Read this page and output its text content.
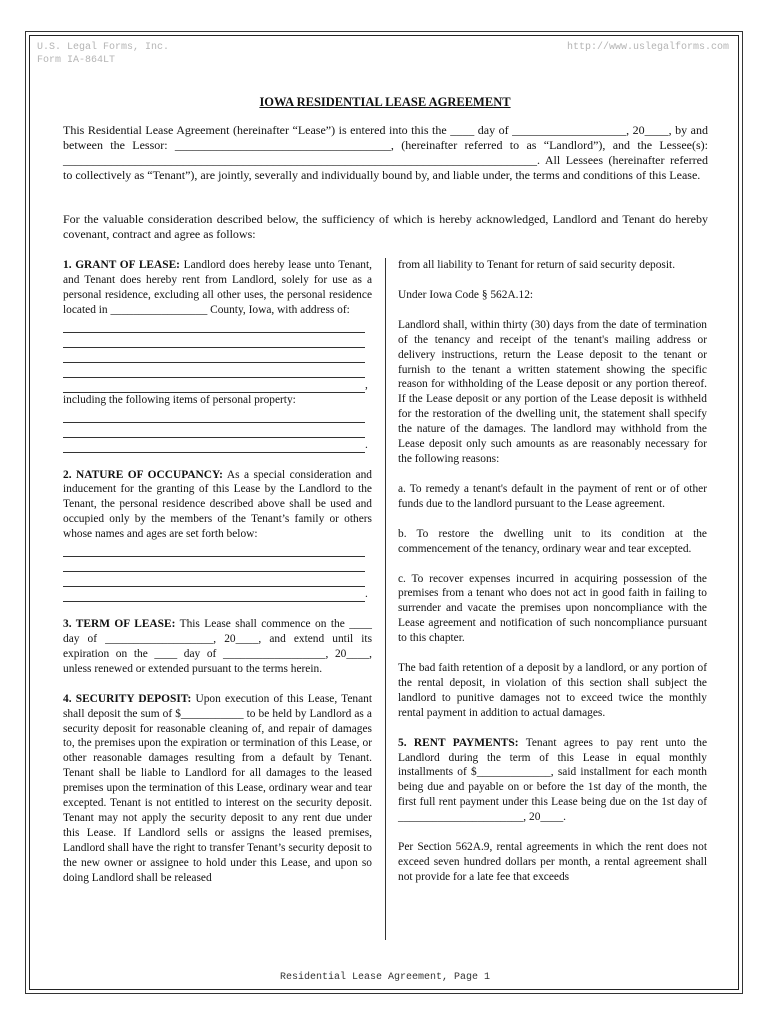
U.S. Legal Forms, Inc.
Form IA-864LT
http://www.uslegalforms.com
IOWA RESIDENTIAL LEASE AGREEMENT

This Residential Lease Agreement (hereinafter “Lease”) is entered into this the ____ day of ___________________, 20____, by and between the Lessor: ____________________________________, (hereinafter referred to as “Landlord”), and the Lessee(s): _______________________________________________________________________________. All Lessees (hereinafter referred to collectively as “Tenant”), are jointly, severally and individually bound by, and liable under, the terms and conditions of this Lease.

For the valuable consideration described below, the sufficiency of which is hereby acknowledged, Landlord and Tenant do hereby covenant, contract and agree as follows:

1. GRANT OF LEASE: Landlord does hereby lease unto Tenant, and Tenant does hereby rent from Landlord, solely for use as a personal residence, excluding all other uses, the personal residence located in _________________ County, Iowa, with address of:

,

including the following items of personal property:

.

2. NATURE OF OCCUPANCY: As a special consideration and inducement for the granting of this Lease by the Landlord to the Tenant, the personal residence described above shall be used and occupied only by the members of the Tenant’s family or others whose names and ages are set forth below:

.

3. TERM OF LEASE: This Lease shall commence on the ____ day of ___________________, 20____, and extend until its expiration on the ____ day of __________________, 20____, unless renewed or extended pursuant to the terms herein.

4. SECURITY DEPOSIT: Upon execution of this Lease, Tenant shall deposit the sum of $___________ to be held by Landlord as a security deposit for reasonable cleaning of, and repair of damages to, the premises upon the expiration or termination of this Lease, or other reasonable damages resulting from a default by Tenant. Tenant shall be liable to Landlord for all damages to the leased premises upon the termination of this Lease, ordinary wear and tear excepted. Tenant is not entitled to interest on the security deposit. Tenant may not apply the security deposit to any rent due under this Lease. If Landlord sells or assigns the leased premises, Landlord shall have the right to transfer Tenant’s security deposit to the new owner or assignee to hold under this Lease, and upon so doing Landlord shall be released

from all liability to Tenant for return of said security deposit.

Under Iowa Code § 562A.12:

Landlord shall, within thirty (30) days from the date of termination of the tenancy and receipt of the tenant's mailing address or delivery instructions, return the Lease deposit to the tenant or furnish to the tenant a written statement showing the specific reason for withholding of the Lease deposit or any portion thereof. If the Lease deposit or any portion of the Lease deposit is withheld for the restoration of the dwelling unit, the statement shall specify the nature of the damages. The landlord may withhold from the Lease deposit only such amounts as are reasonably necessary for the following reasons:

a. To remedy a tenant's default in the payment of rent or of other funds due to the landlord pursuant to the Lease agreement.

b. To restore the dwelling unit to its condition at the commencement of the tenancy, ordinary wear and tear excepted.

c. To recover expenses incurred in acquiring possession of the premises from a tenant who does not act in good faith in failing to surrender and vacate the premises upon noncompliance with the Lease agreement and notification of such noncompliance pursuant to this chapter.

The bad faith retention of a deposit by a landlord, or any portion of the rental deposit, in violation of this section shall subject the landlord to punitive damages not to exceed twice the monthly rental payment in addition to actual damages.

5. RENT PAYMENTS: Tenant agrees to pay rent unto the Landlord during the term of this Lease in equal monthly installments of $_____________, said installment for each month being due and payable on or before the 1st day of the month, the first full rent payment under this Lease being due on the 1st day of ______________________, 20____.

Per Section 562A.9, rental agreements in which the rent does not exceed seven hundred dollars per month, a rental agreement shall not provide for a late fee that exceeds

Residential Lease Agreement, Page 1
